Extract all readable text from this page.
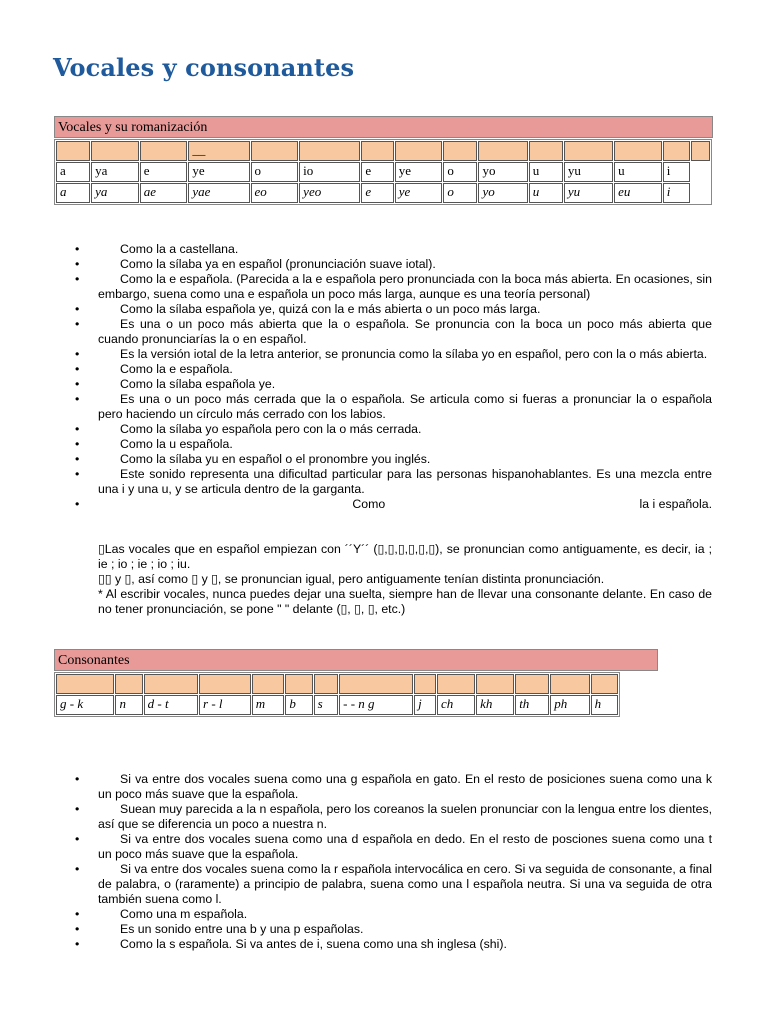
Vocales y consonantes
Vocales y su romanización
			__											
a	ya	e	ye	o	io	e	ye	o	yo	u	yu	u	i	
a	ya	ae	yae	eo	yeo	e	ye	o	yo	u	yu	eu	i	
• Como la a castellana.
• Como la sílaba ya en español (pronunciación suave iotal).
• Como la e española. (Parecida a la e española pero pronunciada con la boca más abierta. En ocasiones, sin embargo, suena como una e española un poco más larga, aunque es una teoría personal)
• Como la sílaba española ye, quizá con la e más abierta o un poco más larga.
• Es una o un poco más abierta que la o española. Se pronuncia con la boca un poco más abierta que cuando pronunciarías la o en español.
• Es la versión iotal de la letra anterior, se pronuncia como la sílaba yo en español, pero con la o más abierta.
• Como la e española.
• Como la sílaba española ye.
• Es una o un poco más cerrada que la o española. Se articula como si fueras a pronunciar la o española pero haciendo un círculo más cerrado con los labios.
• Como la sílaba yo española pero con la o más cerrada.
• Como la u española.
• Como la sílaba yu en español o el pronombre you inglés.
• Este sonido representa una dificultad particular para las personas hispanohablantes. Es una mezcla entre una i y una u, y se articula dentro de la garganta.
• Como	la i española.
Consonantes

g - k	n	d - t	r - l	m	b	s	- - n g	j	ch	kh	th	ph	h
• Si va entre dos vocales suena como una g española en gato. En el resto de posiciones suena como una k un poco más suave que la española.
• Suean muy parecida a la n española, pero los coreanos la suelen pronunciar con la lengua entre los dientes, así que se diferencia un poco a nuestra n.
• Si va entre dos vocales suena como una d española en dedo. En el resto de posciones suena como una t un poco más suave que la española.
• Si va entre dos vocales suena como la r española intervocálica en cero. Si va seguida de consonante, a final de palabra, o (raramente) a principio de palabra, suena como una l española neutra. Si una va seguida de otra también suena como l.
• Como una m española.
• Es un sonido entre una b y una p españolas.
• Como la s española. Si va antes de i, suena como una sh inglesa (shi).
▯Las vocales que en español empiezan con ´´Y´´ (▯,▯,▯,▯,▯,▯), se pronuncian como antiguamente, es decir, ia ; ie ; io ; ie ; io ; iu.
▯▯ y ▯, así como ▯ y ▯, se pronuncian igual, pero antiguamente tenían distinta pronunciación.
* Al escribir vocales, nunca puedes dejar una suelta, siempre han de llevar una consonante delante. En caso de no tener pronunciación, se pone " " delante (▯, ▯, ▯, etc.)
